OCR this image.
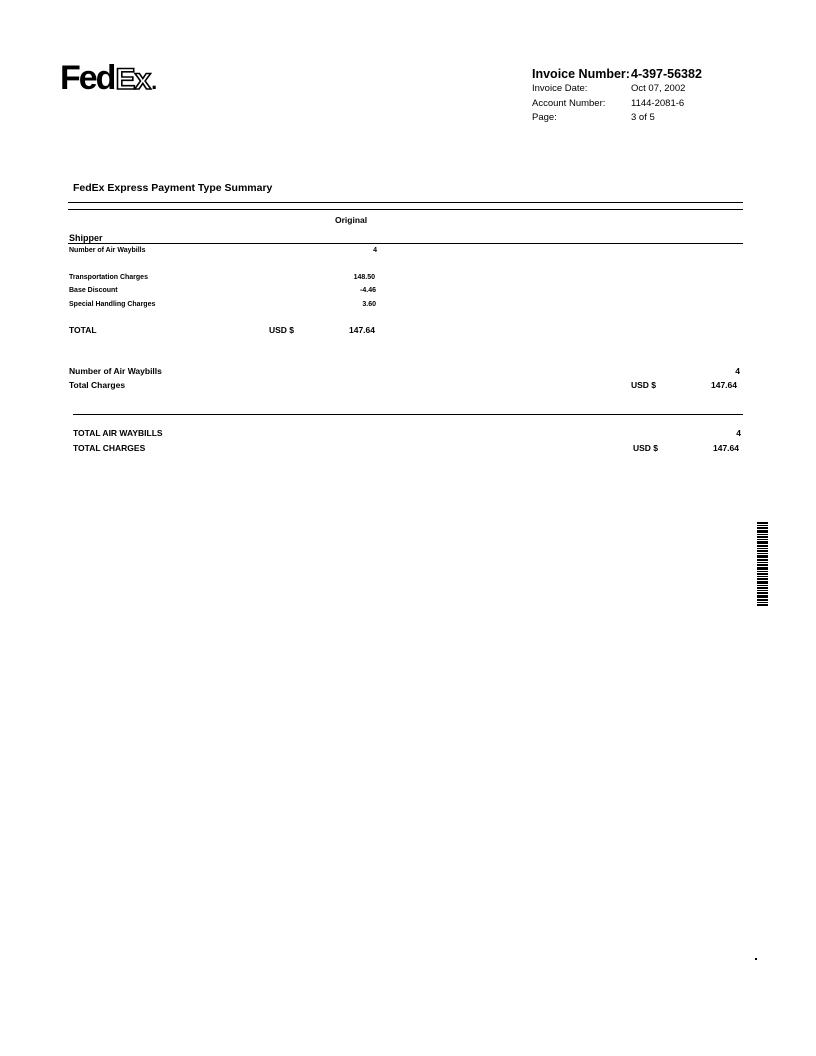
Fed Ex .	Invoice Number: 4-397-56382
Invoice Date:	Oct 07, 2002
Account Number:	1144-2081-6
Page:	3 of 5
FedEx Express Payment Type Summary
Original
Shipper
Number of Air Waybills	4
Transportation Charges	148.50
Base Discount	-4.46
Special Handling Charges	3.60
TOTAL	USD $	147.64
Number of Air Waybills	4
Total Charges	USD $	147.64
TOTAL AIR WAYBILLS	4
TOTAL CHARGES	USD $	147.64
